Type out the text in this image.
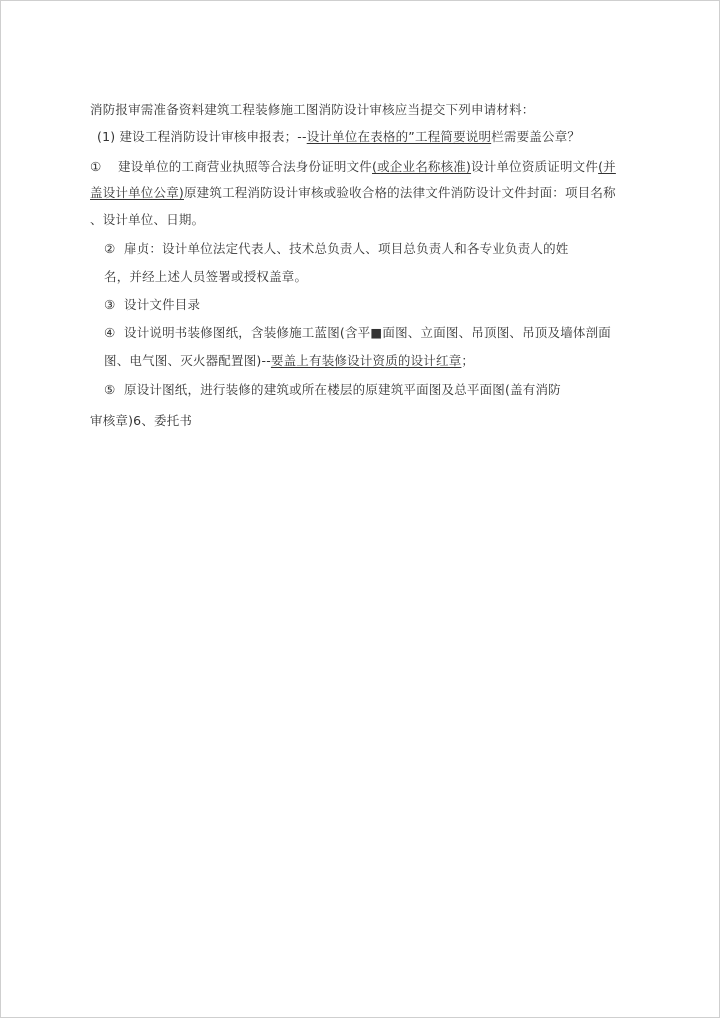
消防报审需准备资料建筑工程装修施工图消防设计审核应当提交下列申请材料：
(1) 建设工程消防设计审核申报表；--设计单位在表格的”工程简要说明栏需要盖公章？
① 建设单位的工商营业执照等合法身份证明文件(或企业名称核准)设计单位资质证明文件(并
盖设计单位公章)原建筑工程消防设计审核或验收合格的法律文件消防设计文件封面：项目名称
、设计单位、日期。
② 扉贞：设计单位法定代表人、技术总负责人、项目总负责人和各专业负责人的姓
名，并经上述人员签署或授权盖章。
③ 设计文件目录
④ 设计说明书装修图纸，含装修施工蓝图(含平■面图、立面图、吊顶图、吊顶及墙体剖面
图、电气图、灭火器配置图)--要盖上有装修设计资质的设计红章；
⑤ 原设计图纸，进行装修的建筑或所在楼层的原建筑平面图及总平面图(盖有消防
审核章)6、委托书
